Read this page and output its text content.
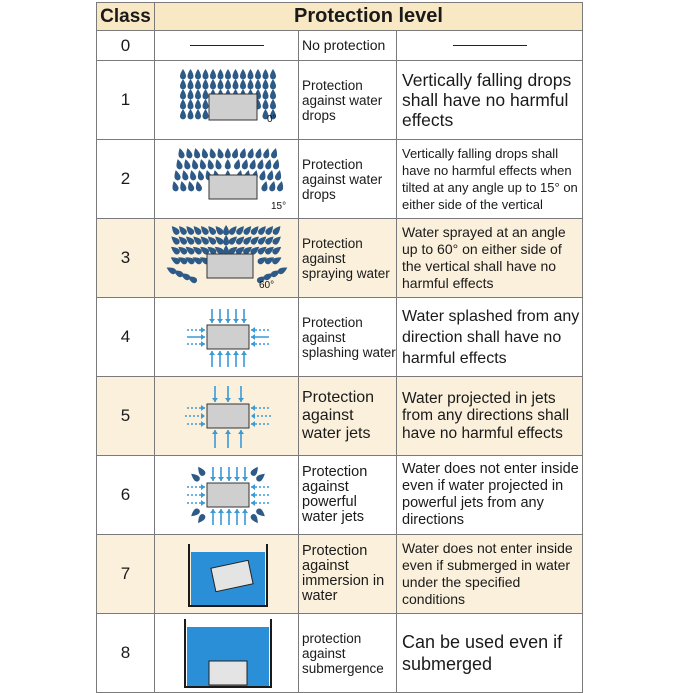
Class	Protection level		
0		No protection	
1	0°	Protection against water drops	Vertically falling drops shall have no harmful effects
2	15°	Protection against water drops	Vertically falling drops shall have no harmful effects when tilted at any angle up to 15° on either side of the vertical
3	60°	Protection against spraying water	Water sprayed at an angle up to 60° on either side of the vertical shall have no harmful effects
4		Protection against splashing water	Water splashed from any direction shall have no harmful effects
5		Protection against water jets	Water projected in jets from any directions shall have no harmful effects
6		Protection against powerful water jets	Water does not enter inside even if water projected in powerful jets from any directions
7		Protection against immersion in water	Water does not enter inside even if submerged in water under the specified conditions
8		protection against submergence	Can be used even if submerged
